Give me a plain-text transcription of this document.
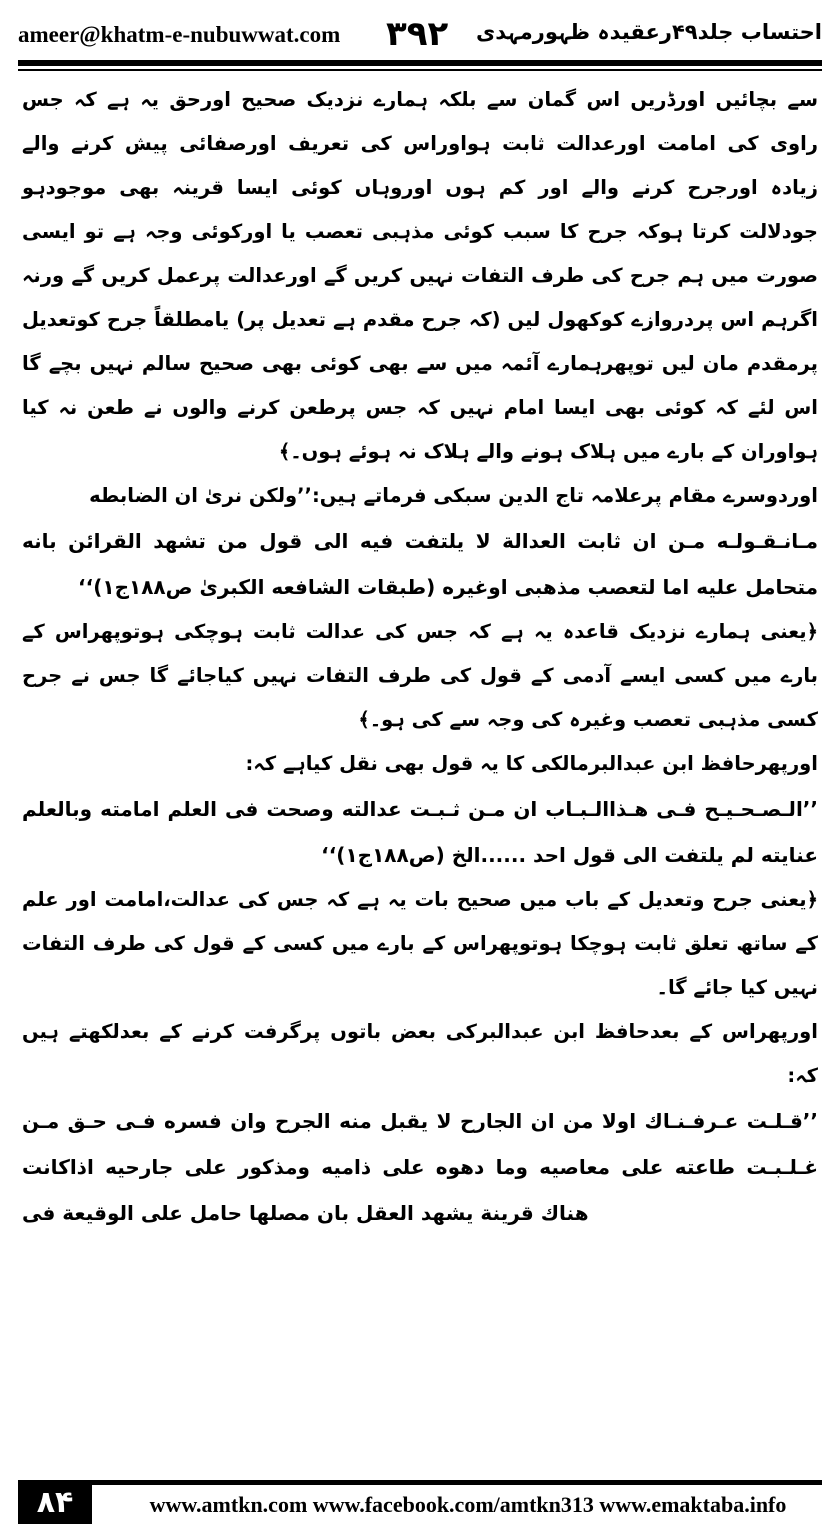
ameer@khatm-e-nubuwwat.com ۳۹۲ احتساب جلد۴۹رعقیدہ ظہورمہدی

سے بچائیں اورڈریں اس گمان سے بلکہ ہمارے نزدیک صحیح اورحق یہ ہے کہ جس راوی کی امامت اورعدالت ثابت ہواوراس کی تعریف اورصفائی پیش کرنے والے زیادہ اورجرح کرنے والے اور کم ہوں اوروہاں کوئی ایسا قرینہ بھی موجودہو جودلالت کرتا ہوکہ جرح کا سبب کوئی مذہبی تعصب یا اورکوئی وجہ ہے تو ایسی صورت میں ہم جرح کی طرف التفات نہیں کریں گے اورعدالت پرعمل کریں گے ورنہ اگرہم اس پردروازے کوکھول لیں (کہ جرح مقدم ہے تعدیل پر) یامطلقاً جرح کوتعدیل پرمقدم مان لیں توپھرہمارے آئمہ میں سے بھی کوئی بھی صحیح سالم نہیں بچے گا اس لئے کہ کوئی بھی ایسا امام نہیں کہ جس پرطعن کرنے والوں نے طعن نہ کیا ہواوران کے بارے میں ہلاک ہونے والے ہلاک نہ ہوئے ہوں۔﴾

اوردوسرے مقام پرعلامہ تاج الدین سبکی فرماتے ہیں:’’ولکن نریٰ ان الضابطه

مـانـقـولـه مـن ان ثابت العدالة لا يلتفت فيه الى قول من تشهد القرائن بانه متحامل عليه اما لتعصب مذهبى اوغيره (طبقات الشافعه الكبرىٰ ص۱۸۸ج۱)‘‘

﴿یعنی ہمارے نزدیک قاعدہ یہ ہے کہ جس کی عدالت ثابت ہوچکی ہوتوپھراس کے بارے میں کسی ایسے آدمی کے قول کی طرف التفات نہیں کیاجائے گا جس نے جرح کسی مذہبی تعصب وغیرہ کی وجہ سے کی ہو۔﴾

اورپھرحافظ ابن عبدالبرمالکی کا یہ قول بھی نقل کیاہے کہ:

’’الـصـحـيـح فـى هـذاالـبـاب ان مـن ثـبـت عدالته وصحت فى العلم امامته وبالعلم عنايته لم يلتفت الى قول احد ......الخ (ص۱۸۸ج۱)‘‘

﴿یعنی جرح وتعدیل کے باب میں صحیح بات یہ ہے کہ جس کی عدالت،امامت اور علم کے ساتھ تعلق ثابت ہوچکا ہوتوپھراس کے بارے میں کسی کے قول کی طرف التفات نہیں کیا جائے گا۔

اورپھراس کے بعدحافظ ابن عبدالبرکی بعض باتوں پرگرفت کرنے کے بعدلکھتے ہیں کہ:

’’قـلـت عـرفـنـاك اولا من ان الجارح لا يقبل منه الجرح وان فسره فـى حـق مـن غـلـبـت طاعته على معاصيه وما دهوه على ذاميه ومذكور على جارحيه اذاكانت هناك قرينة يشهد العقل بان مصلها حامل على الوقيعة فى

۸۴	www.amtkn.com www.facebook.com/amtkn313 www.emaktaba.info
